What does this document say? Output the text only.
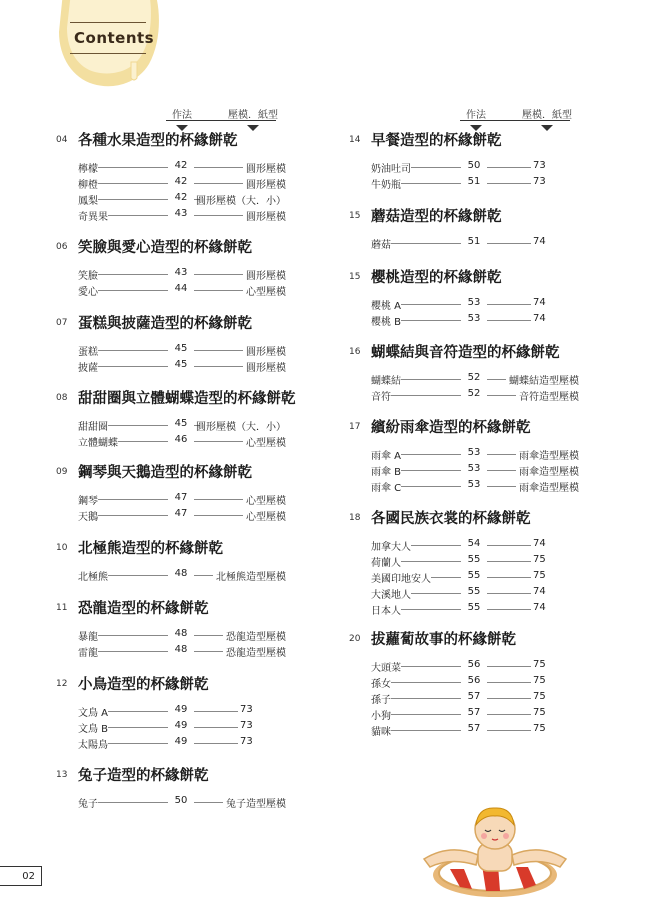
Contents
作法	壓模．紙型	作法	壓模．紙型
04 各種水果造型的杯緣餅乾
檸檬	42	圓形壓模
柳橙	42	圓形壓模
鳳梨	42 圓形壓模（大．小）
奇異果	43	圓形壓模
06 笑臉與愛心造型的杯緣餅乾
笑臉	43	圓形壓模
愛心	44	心型壓模
07 蛋糕與披薩造型的杯緣餅乾
蛋糕	45	圓形壓模
披薩	45	圓形壓模
08 甜甜圈與立體蝴蝶造型的杯緣餅乾
甜甜圈	45 圓形壓模（大．小）
立體蝴蝶	46	心型壓模
09 鋼琴與天鵝造型的杯緣餅乾
鋼琴	47	心型壓模
天鵝	47	心型壓模
10 北極熊造型的杯緣餅乾
北極熊	48	北極熊造型壓模
11 恐龍造型的杯緣餅乾
暴龍	48	恐龍造型壓模
雷龍	48	恐龍造型壓模
12 小鳥造型的杯緣餅乾
文鳥 A	49	73
文鳥 B	49	73
太陽鳥	49	73
13 兔子造型的杯緣餅乾
兔子	50	兔子造型壓模
14 早餐造型的杯緣餅乾
奶油吐司	50	73
牛奶瓶	51	73
15 蘑菇造型的杯緣餅乾
蘑菇	51	74
15 櫻桃造型的杯緣餅乾
櫻桃 A	53	74
櫻桃 B	53	74
16 蝴蝶結與音符造型的杯緣餅乾
蝴蝶結	52	蝴蝶結造型壓模
音符	52	音符造型壓模
17 繽紛雨傘造型的杯緣餅乾
雨傘 A	53	雨傘造型壓模
雨傘 B	53	雨傘造型壓模
雨傘 C	53	雨傘造型壓模
18 各國民族衣裳的杯緣餅乾
加拿大人	54	74
荷蘭人	55	75
美國印地安人	55	75
大溪地人	55	74
日本人	55	74
20 拔蘿蔔故事的杯緣餅乾
大頭菜	56	75
孫女	56	75
孫子	57	75
小狗	57	75
貓咪	57	75
02
